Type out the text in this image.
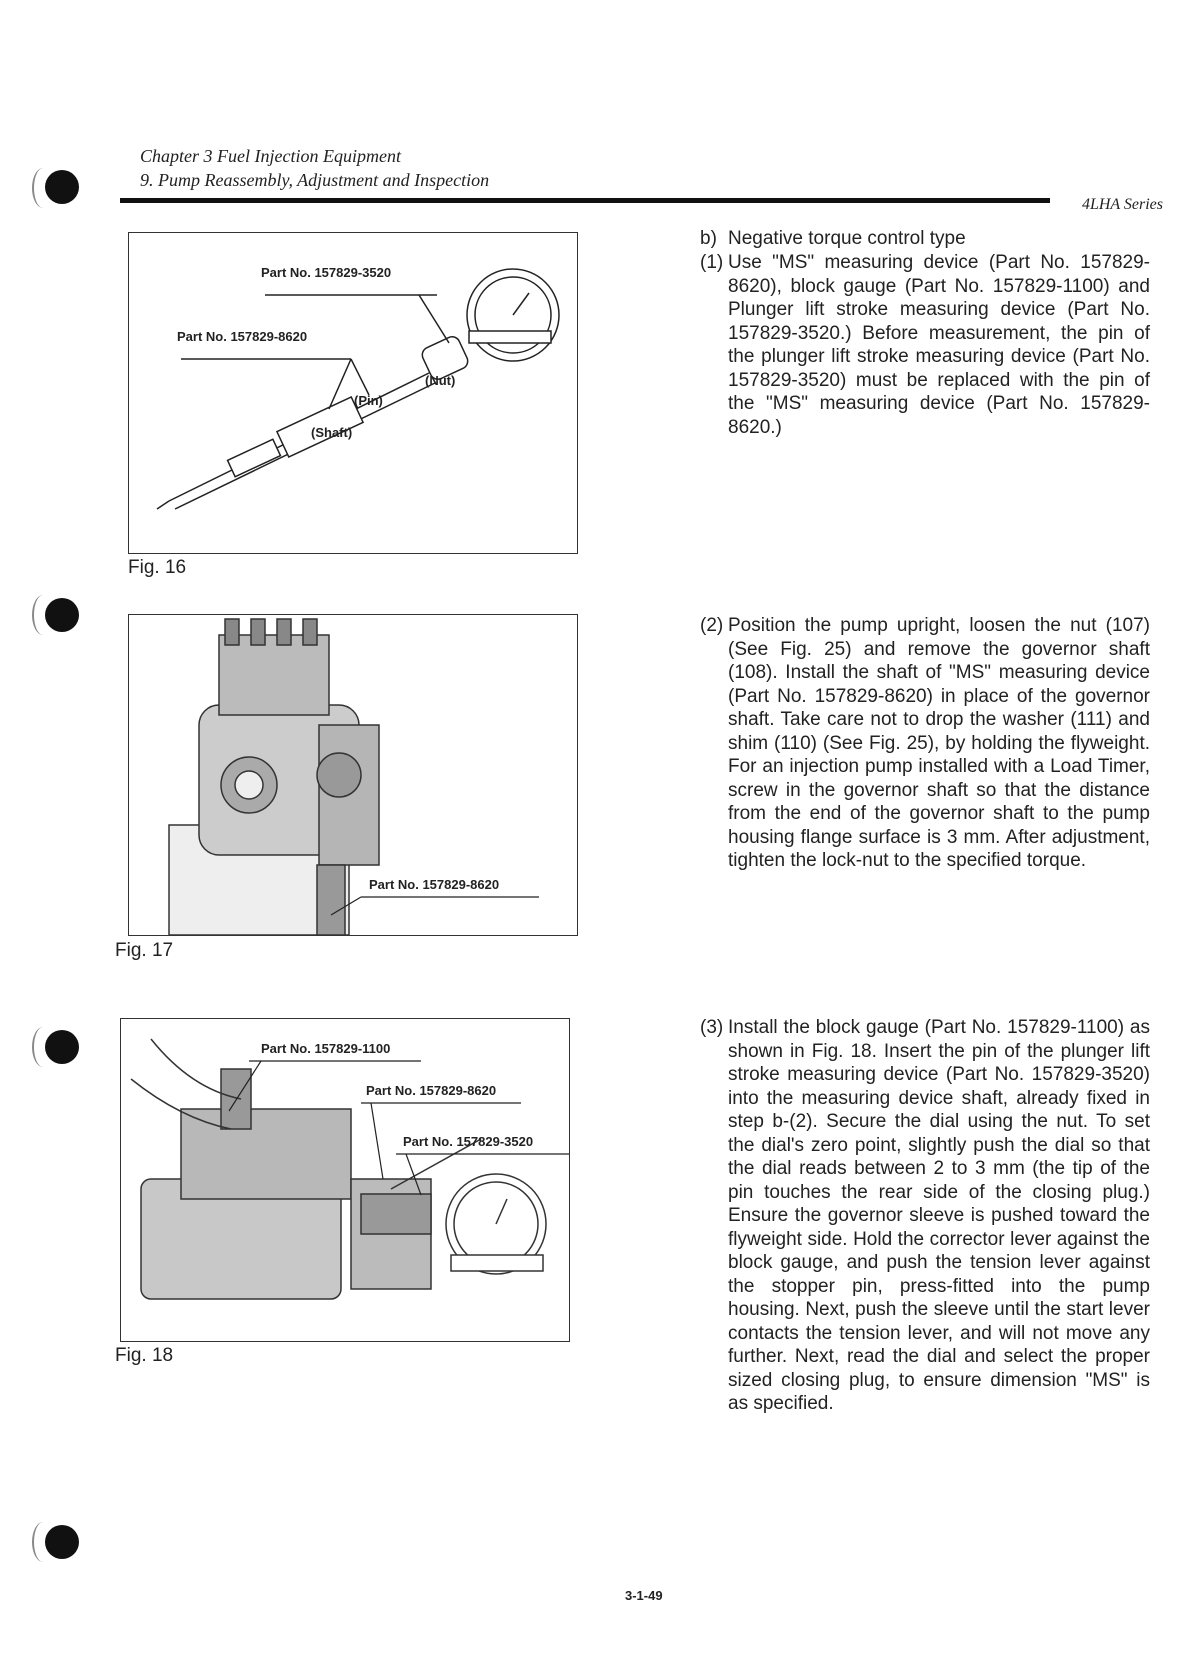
Chapter 3 Fuel Injection Equipment
9. Pump Reassembly, Adjustment and Inspection
4LHA Series
Part No. 157829-3520
Part No. 157829-8620
(Nut)
(Pin)
(Shaft)
Fig. 16
Part No. 157829-8620
Fig. 17
Part No. 157829-1100
Part No. 157829-8620
Part No. 157829-3520
Fig. 18
b) Negative torque control type
(1) Use "MS" measuring device (Part No. 157829-8620), block gauge (Part No. 157829-1100) and Plunger lift stroke measuring device (Part No. 157829-3520.) Before measurement, the pin of the plunger lift stroke measuring device (Part No. 157829-3520) must be replaced with the pin of the "MS" measuring device (Part No. 157829-8620.)
(2) Position the pump upright, loosen the nut (107) (See Fig. 25) and remove the governor shaft (108). Install the shaft of "MS" measuring device (Part No. 157829-8620) in place of the governor shaft. Take care not to drop the washer (111) and shim (110) (See Fig. 25), by holding the flyweight. For an injection pump installed with a Load Timer, screw in the governor shaft so that the distance from the end of the governor shaft to the pump housing flange surface is 3 mm. After adjustment, tighten the lock-nut to the specified torque.
(3) Install the block gauge (Part No. 157829-1100) as shown in Fig. 18. Insert the pin of the plunger lift stroke measuring device (Part No. 157829-3520) into the measuring device shaft, already fixed in step b-(2). Secure the dial using the nut. To set the dial's zero point, slightly push the dial so that the dial reads between 2 to 3 mm (the tip of the pin touches the rear side of the closing plug.) Ensure the governor sleeve is pushed toward the flyweight side. Hold the corrector lever against the block gauge, and push the tension lever against the stopper pin, press-fitted into the pump housing. Next, push the sleeve until the start lever contacts the tension lever, and will not move any further. Next, read the dial and select the proper sized closing plug, to ensure dimension "MS" is as specified.
3-1-49
